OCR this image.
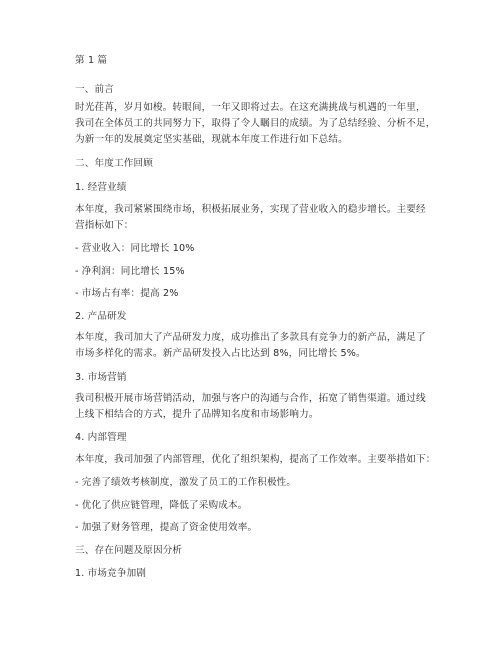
第 1 篇
一、前言
时光荏苒，岁月如梭。转眼间，一年又即将过去。在这充满挑战与机遇的一年里，
我司在全体员工的共同努力下，取得了令人瞩目的成绩。为了总结经验、分析不足，
为新一年的发展奠定坚实基础，现就本年度工作进行如下总结。
二、年度工作回顾
1. 经营业绩
本年度，我司紧紧围绕市场，积极拓展业务，实现了营业收入的稳步增长。主要经
营指标如下：
- 营业收入：同比增长 10%
- 净利润：同比增长 15%
- 市场占有率：提高 2%
2. 产品研发
本年度，我司加大了产品研发力度，成功推出了多款具有竞争力的新产品，满足了
市场多样化的需求。新产品研发投入占比达到 8%，同比增长 5%。
3. 市场营销
我司积极开展市场营销活动，加强与客户的沟通与合作，拓宽了销售渠道。通过线
上线下相结合的方式，提升了品牌知名度和市场影响力。
4. 内部管理
本年度，我司加强了内部管理，优化了组织架构，提高了工作效率。主要举措如下：
- 完善了绩效考核制度，激发了员工的工作积极性。
- 优化了供应链管理，降低了采购成本。
- 加强了财务管理，提高了资金使用效率。
三、存在问题及原因分析
1. 市场竞争加剧
